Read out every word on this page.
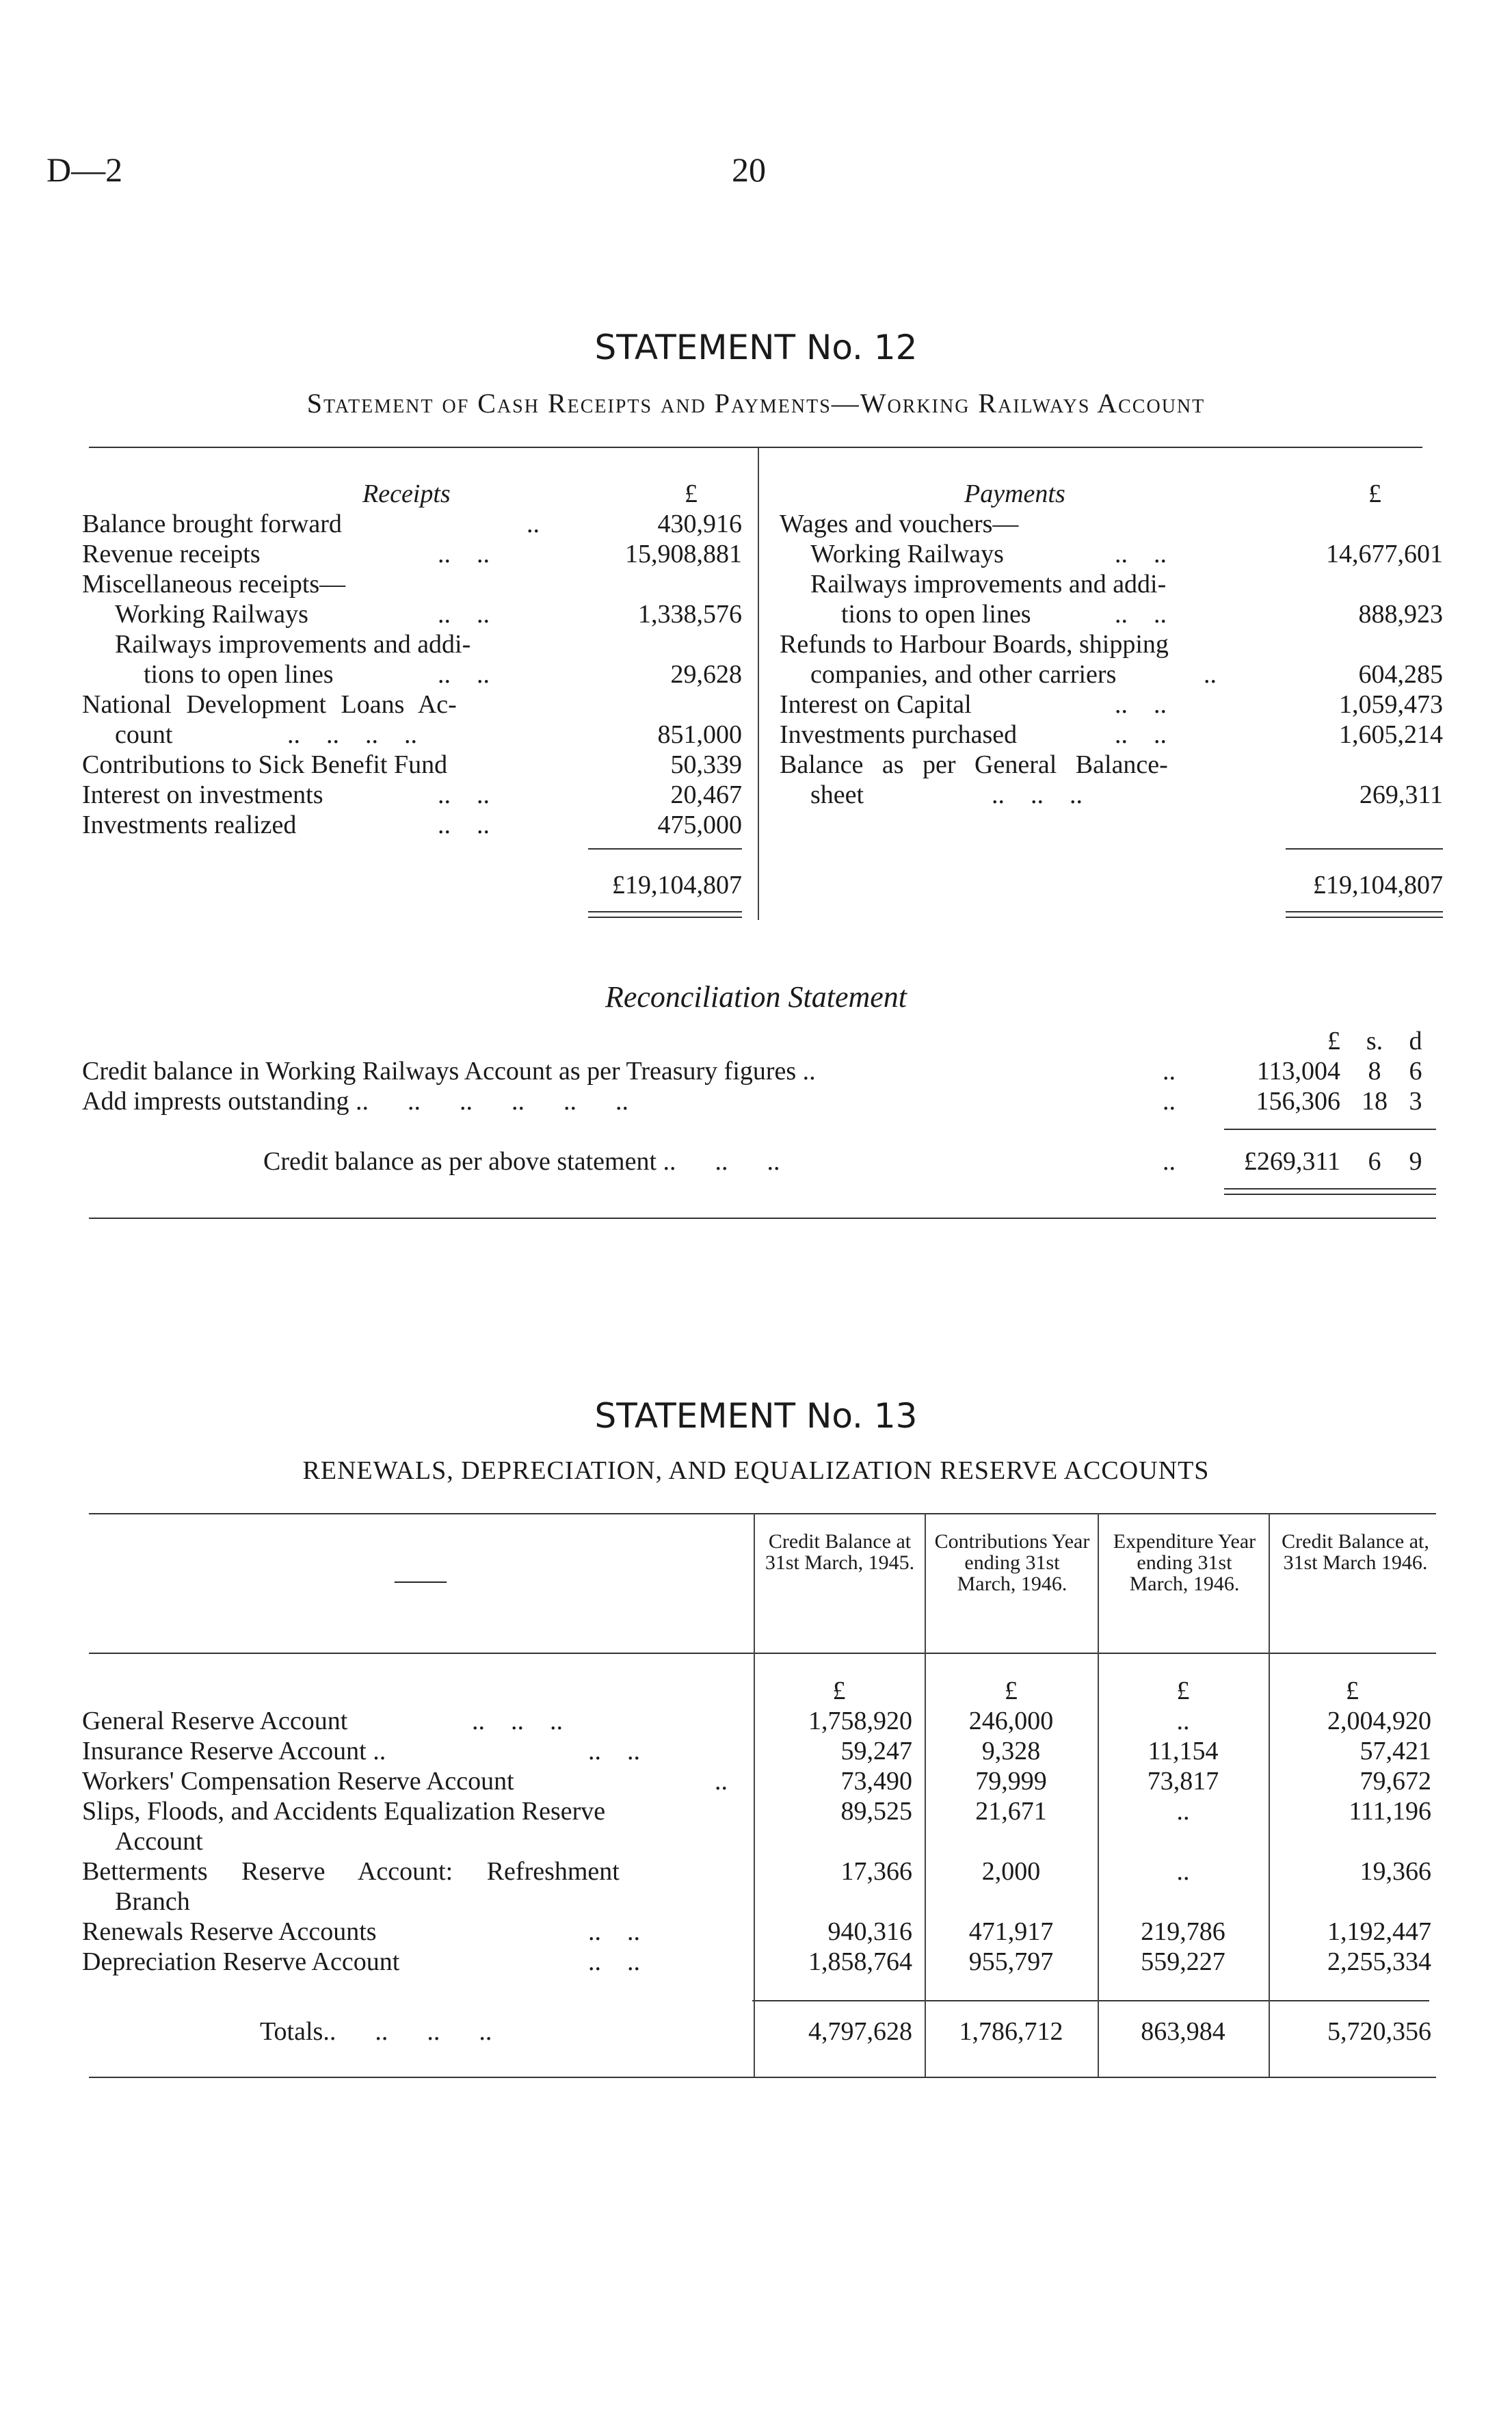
D—2	20
STATEMENT No. 12
Statement of Cash Receipts and Payments—Working Railways Account
Receipts	£
Balance brought forward	..	430,916
Revenue receipts	..    ..	15,908,881
Miscellaneous receipts—
Working Railways	..    ..	1,338,576
Railways improvements and addi-
tions to open lines	..    ..	29,628
National Development Loans Ac-
count	..    ..    ..    ..	851,000
Contributions to Sick Benefit Fund	50,339
Interest on investments	..    ..	20,467
Investments realized	..    ..	475,000
£19,104,807
Payments	£
Wages and vouchers—
Working Railways	..    ..	14,677,601
Railways improvements and addi-
tions to open lines	..    ..	888,923
Refunds to Harbour Boards, shipping
companies, and other carriers	..	604,285
Interest on Capital	..    ..	1,059,473
Investments purchased	..    ..	1,605,214
Balance as per General Balance-
sheet	..    ..    ..	269,311
£19,104,807
Reconciliation Statement
£ s.	d
Credit balance in Working Railways Account as per Treasury figures ..	..	113,004	8	6
Add imprests outstanding ..      ..      ..      ..      ..      ..	..	156,306 18 3
Credit balance as per above statement ..      ..      ..	..	£269,311	6	9
STATEMENT No. 13
RENEWALS, DEPRECIATION, AND EQUALIZATION RESERVE ACCOUNTS
——
Credit Balance at 31st March, 1945.
Contributions Year ending 31st March, 1946.
Expenditure Year ending 31st March, 1946.
Credit Balance at, 31st March 1946.
£	£	£	£
General Reserve Account	..    ..    ..	1,758,920	246,000	..	2,004,920
Insurance Reserve Account ..	..    ..	59,247	9,328	11,154	57,421
Workers' Compensation Reserve Account	..	73,490	79,999	73,817	79,672
Slips, Floods, and Accidents Equalization Reserve
Account
89,525	21,671	..	111,196
Betterments Reserve Account: Refreshment
Branch
17,366	2,000	..	19,366
Renewals Reserve Accounts	..    ..	940,316	471,917	219,786	1,192,447
Depreciation Reserve Account	..    ..	1,858,764	955,797	559,227	2,255,334
Totals..      ..      ..      ..	4,797,628	1,786,712	863,984	5,720,356
